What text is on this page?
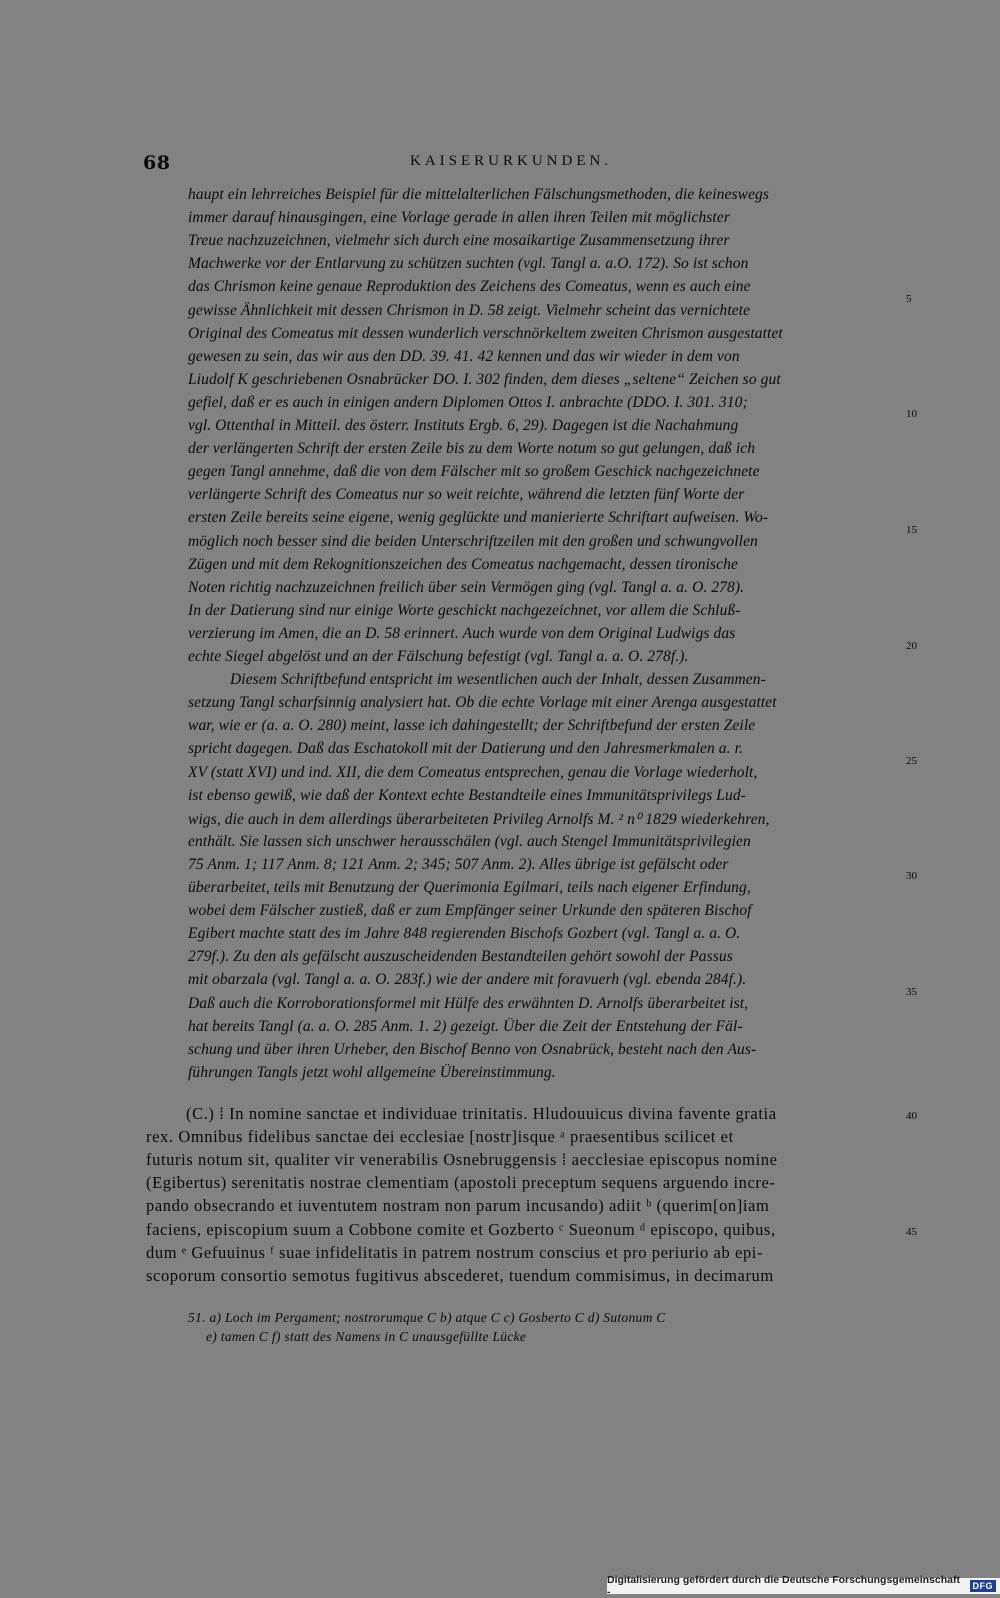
68	KAISERURKUNDEN.
haupt ein lehrreiches Beispiel für die mittelalterlichen Fälschungsmethoden, die keineswegs
immer darauf hinausgingen, eine Vorlage gerade in allen ihren Teilen mit möglichster
Treue nachzuzeichnen, vielmehr sich durch eine mosaikartige Zusammensetzung ihrer
Machwerke vor der Entlarvung zu schützen suchten (vgl. Tangl a. a.O. 172). So ist schon
das Chrismon keine genaue Reproduktion des Zeichens des Comeatus, wenn es auch eine
gewisse Ähnlichkeit mit dessen Chrismon in D. 58 zeigt. Vielmehr scheint das vernichtete
Original des Comeatus mit dessen wunderlich verschnörkeltem zweiten Chrismon ausgestattet
gewesen zu sein, das wir aus den DD. 39. 41. 42 kennen und das wir wieder in dem von
Liudolf K geschriebenen Osnabrücker DO. I. 302 finden, dem dieses „seltene“ Zeichen so gut
gefiel, daß er es auch in einigen andern Diplomen Ottos I. anbrachte (DDO. I. 301. 310;
vgl. Ottenthal in Mitteil. des österr. Instituts Ergb. 6, 29). Dagegen ist die Nachahmung
der verlängerten Schrift der ersten Zeile bis zu dem Worte notum so gut gelungen, daß ich
gegen Tangl annehme, daß die von dem Fälscher mit so großem Geschick nachgezeichnete
verlängerte Schrift des Comeatus nur so weit reichte, während die letzten fünf Worte der
ersten Zeile bereits seine eigene, wenig geglückte und manierierte Schriftart aufweisen. Wo-
möglich noch besser sind die beiden Unterschriftzeilen mit den großen und schwungvollen
Zügen und mit dem Rekognitionszeichen des Comeatus nachgemacht, dessen tironische
Noten richtig nachzuzeichnen freilich über sein Vermögen ging (vgl. Tangl a. a. O. 278).
In der Datierung sind nur einige Worte geschickt nachgezeichnet, vor allem die Schluß-
verzierung im Amen, die an D. 58 erinnert. Auch wurde von dem Original Ludwigs das
echte Siegel abgelöst und an der Fälschung befestigt (vgl. Tangl a. a. O. 278f.).
Diesem Schriftbefund entspricht im wesentlichen auch der Inhalt, dessen Zusammen-
setzung Tangl scharfsinnig analysiert hat. Ob die echte Vorlage mit einer Arenga ausgestattet
war, wie er (a. a. O. 280) meint, lasse ich dahingestellt; der Schriftbefund der ersten Zeile
spricht dagegen. Daß das Eschatokoll mit der Datierung und den Jahresmerkmalen a. r.
XV (statt XVI) und ind. XII, die dem Comeatus entsprechen, genau die Vorlage wiederholt,
ist ebenso gewiß, wie daß der Kontext echte Bestandteile eines Immunitätsprivilegs Lud-
wigs, die auch in dem allerdings überarbeiteten Privileg Arnolfs M. ² n⁰ 1829 wiederkehren,
enthält. Sie lassen sich unschwer herausschälen (vgl. auch Stengel Immunitätsprivilegien
75 Anm. 1; 117 Anm. 8; 121 Anm. 2; 345; 507 Anm. 2). Alles übrige ist gefälscht oder
überarbeitet, teils mit Benutzung der Querimonia Egilmari, teils nach eigener Erfindung,
wobei dem Fälscher zustieß, daß er zum Empfänger seiner Urkunde den späteren Bischof
Egibert machte statt des im Jahre 848 regierenden Bischofs Gozbert (vgl. Tangl a. a. O.
279f.). Zu den als gefälscht auszuscheidenden Bestandteilen gehört sowohl der Passus
mit obarzala (vgl. Tangl a. a. O. 283f.) wie der andere mit foravuerh (vgl. ebenda 284f.).
Daß auch die Korroborationsformel mit Hülfe des erwähnten D. Arnolfs überarbeitet ist,
hat bereits Tangl (a. a. O. 285 Anm. 1. 2) gezeigt. Über die Zeit der Entstehung der Fäl-
schung und über ihren Urheber, den Bischof Benno von Osnabrück, besteht nach den Aus-
führungen Tangls jetzt wohl allgemeine Übereinstimmung.
(C.) ⁞ In nomine sanctae et individuae trinitatis. Hludouuicus divina favente gratia
rex. Omnibus fidelibus sanctae dei ecclesiae [nostr]isque ᵃ praesentibus scilicet et
futuris notum sit, qualiter vir venerabilis Osnebruggensis ⁞ aecclesiae episcopus nomine
(Egibertus) serenitatis nostrae clementiam (apostoli preceptum sequens arguendo incre-
pando obsecrando et iuventutem nostram non parum incusando) adiit ᵇ (querim[on]iam
faciens, episcopium suum a Cobbone comite et Gozberto ᶜ Sueonum ᵈ episcopo, quibus,
dum ᵉ Gefuuinus ᶠ suae infidelitatis in patrem nostrum conscius et pro periurio ab epi-
scoporum consortio semotus fugitivus abscederet, tuendum commisimus, in decimarum
5
10
15
20
25
30
35
40
45
51. a) Loch im Pergament; nostrorumque C b) atque C c) Gosberto C d) Sutonum C
e) tamen C f) statt des Namens in C unausgefüllte Lücke
Digitalisierung gefördert durch die Deutsche Forschungsgemeinschaft -	DFG
